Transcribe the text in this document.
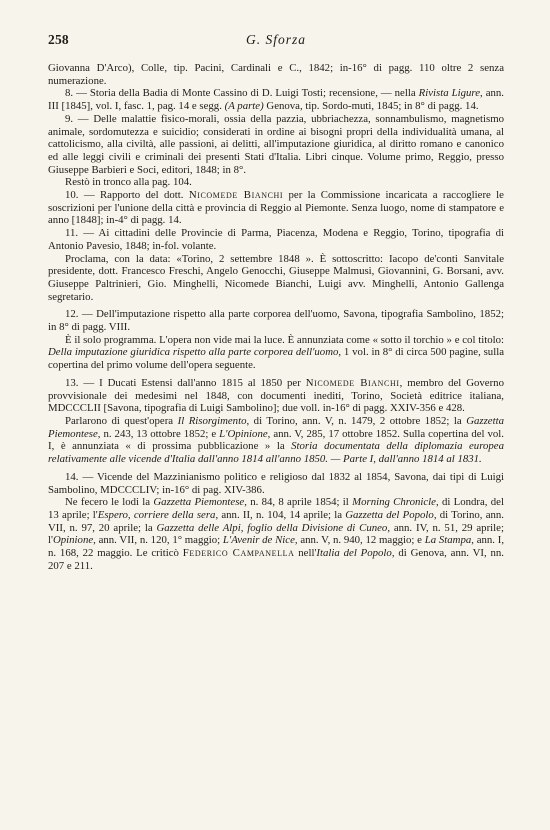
258	G. Sforza

Giovanna D'Arco), Colle, tip. Pacini, Cardinali e C., 1842; in-16° di pagg. 110 oltre 2 senza numerazione.

8. — Storia della Badia di Monte Cassino di D. Luigi Tosti; recensione, — nella Rivista Ligure, ann. III [1845], vol. I, fasc. 1, pag. 14 e segg. (A parte) Genova, tip. Sordo-muti, 1845; in 8° di pagg. 14.

9. — Delle malattie fisico-morali, ossia della pazzia, ubbriachezza, sonnambulismo, magnetismo animale, sordomutezza e suicidio; considerati in ordine ai bisogni propri della individualità umana, al cattolicismo, alla civiltà, alle passioni, ai delitti, all'imputazione giuridica, al diritto romano e canonico ed alle leggi civili e criminali dei presenti Stati d'Italia. Libri cinque. Volume primo, Reggio, presso Giuseppe Barbieri e Soci, editori, 1848; in 8°.

Restò in tronco alla pag. 104.

10. — Rapporto del dott. Nicomede Bianchi per la Commissione incaricata a raccogliere le soscrizioni per l'unione della città e provincia di Reggio al Piemonte. Senza luogo, nome di stampatore e anno [1848]; in-4° di pagg. 14.

11. — Ai cittadini delle Provincie di Parma, Piacenza, Modena e Reggio, Torino, tipografia di Antonio Pavesio, 1848; in-fol. volante.

Proclama, con la data: «Torino, 2 settembre 1848 ». È sottoscritto: Iacopo de'conti Sanvitale presidente, dott. Francesco Freschi, Angelo Genocchi, Giuseppe Malmusi, Giovannini, G. Borsani, avv. Giuseppe Paltrinieri, Gio. Minghelli, Nicomede Bianchi, Luigi avv. Minghelli, Antonio Gallenga segretario.

12. — Dell'imputazione rispetto alla parte corporea dell'uomo, Savona, tipografia Sambolino, 1852; in 8° di pagg. VIII.

È il solo programma. L'opera non vide mai la luce. È annunziata come « sotto il torchio » e col titolo: Della imputazione giuridica rispetto alla parte corporea dell'uomo, 1 vol. in 8° di circa 500 pagine, sulla copertina del primo volume dell'opera seguente.

13. — I Ducati Estensi dall'anno 1815 al 1850 per Nicomede Bianchi, membro del Governo provvisionale dei medesimi nel 1848, con documenti inediti, Torino, Società editrice italiana, MDCCCLII [Savona, tipografia di Luigi Sambolino]; due voll. in-16° di pagg. XXIV-356 e 428.

Parlarono di quest'opera Il Risorgimento, di Torino, ann. V, n. 1479, 2 ottobre 1852; la Gazzetta Piemontese, n. 243, 13 ottobre 1852; e L'Opinione, ann. V, 285, 17 ottobre 1852. Sulla copertina del vol. I, è annunziata « di prossima pubblicazione » la Storia documentata della diplomazia europea relativamente alle vicende d'Italia dall'anno 1814 all'anno 1850. — Parte I, dall'anno 1814 al 1831.

14. — Vicende del Mazzinianismo politico e religioso dal 1832 al 1854, Savona, dai tipi di Luigi Sambolino, MDCCCLIV; in-16° di pag. XIV-386.

Ne fecero le lodi la Gazzetta Piemontese, n. 84, 8 aprile 1854; il Morning Chronicle, di Londra, del 13 aprile; l'Espero, corriere della sera, ann. II, n. 104, 14 aprile; la Gazzetta del Popolo, di Torino, ann. VII, n. 97, 20 aprile; la Gazzetta delle Alpi, foglio della Divisione di Cuneo, ann. IV, n. 51, 29 aprile; l'Opinione, ann. VII, n. 120, 1° maggio; L'Avenir de Nice, ann. V, n. 940, 12 maggio; e La Stampa, ann. I, n. 168, 22 maggio. Le criticò Federico Campanella nell'Italia del Popolo, di Genova, ann. VI, nn. 207 e 211.
